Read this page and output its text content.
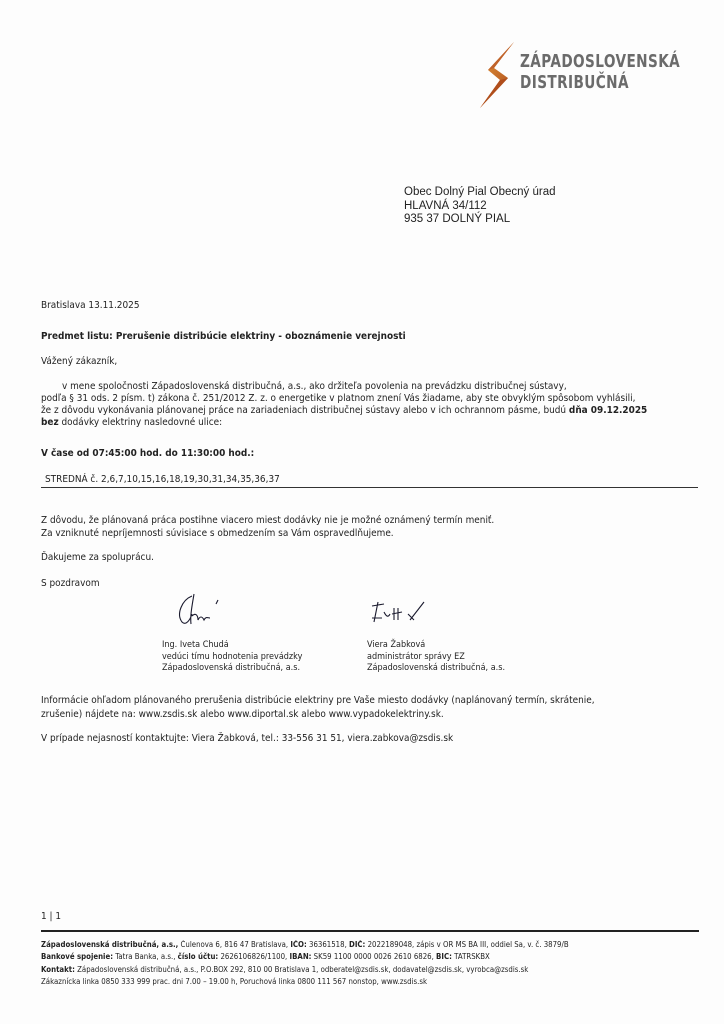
ZÁPADOSLOVENSKÁ
DISTRIBUČNÁ
Obec Dolný Pial Obecný úrad
HLAVNÁ 34/112
935 37 DOLNÝ PIAL
Bratislava 13.11.2025
Predmet listu: Prerušenie distribúcie elektriny - oboznámenie verejnosti
Vážený zákazník,
v mene spoločnosti Západoslovenská distribučná, a.s., ako držiteľa povolenia na prevádzku distribučnej sústavy,
podľa § 31 ods. 2 písm. t) zákona č. 251/2012 Z. z. o energetike v platnom znení Vás žiadame, aby ste obvyklým spôsobom vyhlásili,
že z dôvodu vykonávania plánovanej práce na zariadeniach distribučnej sústavy alebo v ich ochrannom pásme, budú dňa 09.12.2025
bez dodávky elektriny nasledovné ulice:
V čase od 07:45:00 hod. do 11:30:00 hod.:
STREDNÁ č. 2,6,7,10,15,16,18,19,30,31,34,35,36,37
Z dôvodu, že plánovaná práca postihne viacero miest dodávky nie je možné oznámený termín meniť.
Za vzniknuté nepríjemnosti súvisiace s obmedzením sa Vám ospravedlňujeme.
Ďakujeme za spoluprácu.
S pozdravom
Ing. Iveta Chudá
vedúci tímu hodnotenia prevádzky
Západoslovenská distribučná, a.s.
Viera Žabková
administrátor správy EZ
Západoslovenská distribučná, a.s.
Informácie ohľadom plánovaného prerušenia distribúcie elektriny pre Vaše miesto dodávky (naplánovaný termín, skrátenie,
zrušenie) nájdete na: www.zsdis.sk alebo www.diportal.sk alebo www.vypadokelektriny.sk.
V prípade nejasností kontaktujte: Viera Žabková, tel.: 33-556 31 51, viera.zabkova@zsdis.sk
1 | 1
Západoslovenská distribučná, a.s., Čulenova 6, 816 47 Bratislava, IČO: 36361518, DIČ: 2022189048, zápis v OR MS BA III, oddiel Sa, v. č. 3879/B
Bankové spojenie: Tatra Banka, a.s., číslo účtu: 2626106826/1100, IBAN: SK59 1100 0000 0026 2610 6826, BIC: TATRSKBX
Kontakt: Západoslovenská distribučná, a.s., P.O.BOX 292, 810 00 Bratislava 1, odberatel@zsdis.sk, dodavatel@zsdis.sk, vyrobca@zsdis.sk
Zákaznícka linka 0850 333 999 prac. dni 7.00 – 19.00 h, Poruchová linka 0800 111 567 nonstop, www.zsdis.sk
